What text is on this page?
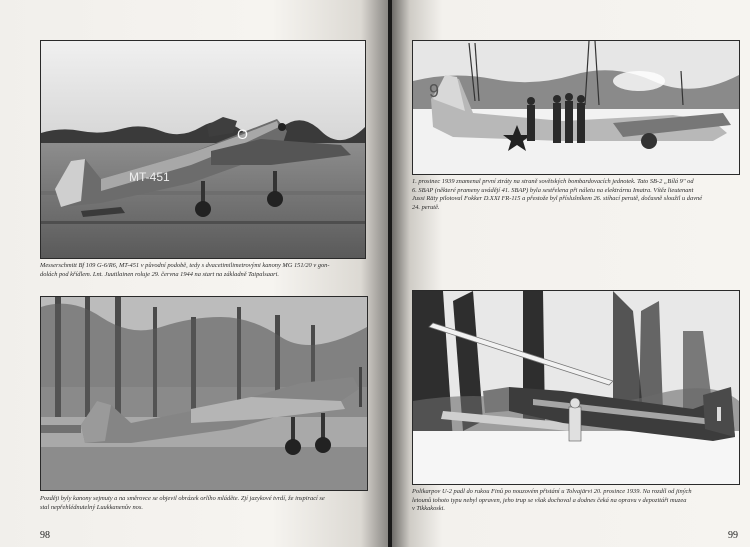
MT-451
O
Messerschmitt Bf 109 G-6/R6, MT-451 v původní podobě, tedy s dvacetimilimetrovými kanony MG 151/20 v gon-
dolách pod křídlem. Lnt. Juutilainen roluje 29. června 1944 na start na základně Taipalsaari.
Později byly kanony sejmuty a na směrovce se objevil obrázek orlího mláděte. Zjí jazykové tvrdí, že inspirací se
stal nepřehlédnutelný Luukkanenův nos.
98
9
1. prosinec 1939 znamenal první ztráty na straně sovětských bombardovacích jednotek. Tato SB-2 „Bílá 9" od
6. SBAP (některé prameny uvádějí 41. SBAP) byla sestřelena při náletu na elektrárnu Imatra. Vítěz lieutenant
Jussi Räty pilotoval Fokker D.XXI FR-115 a přestože byl příslušníkem 26. stíhací perutě, dočasně sloužil u davné
24. perutě.
Polikarpov U-2 padl do rukou Finů po nouzovém přistání u Tolvajärvi 20. prosince 1939. Na rozdíl od jiných
letounů tohoto typu nebyl opraven, jeho trup se však dochoval a dodnes čeká na opravu v depozitáři muzea
v Tikkakoski.
99
